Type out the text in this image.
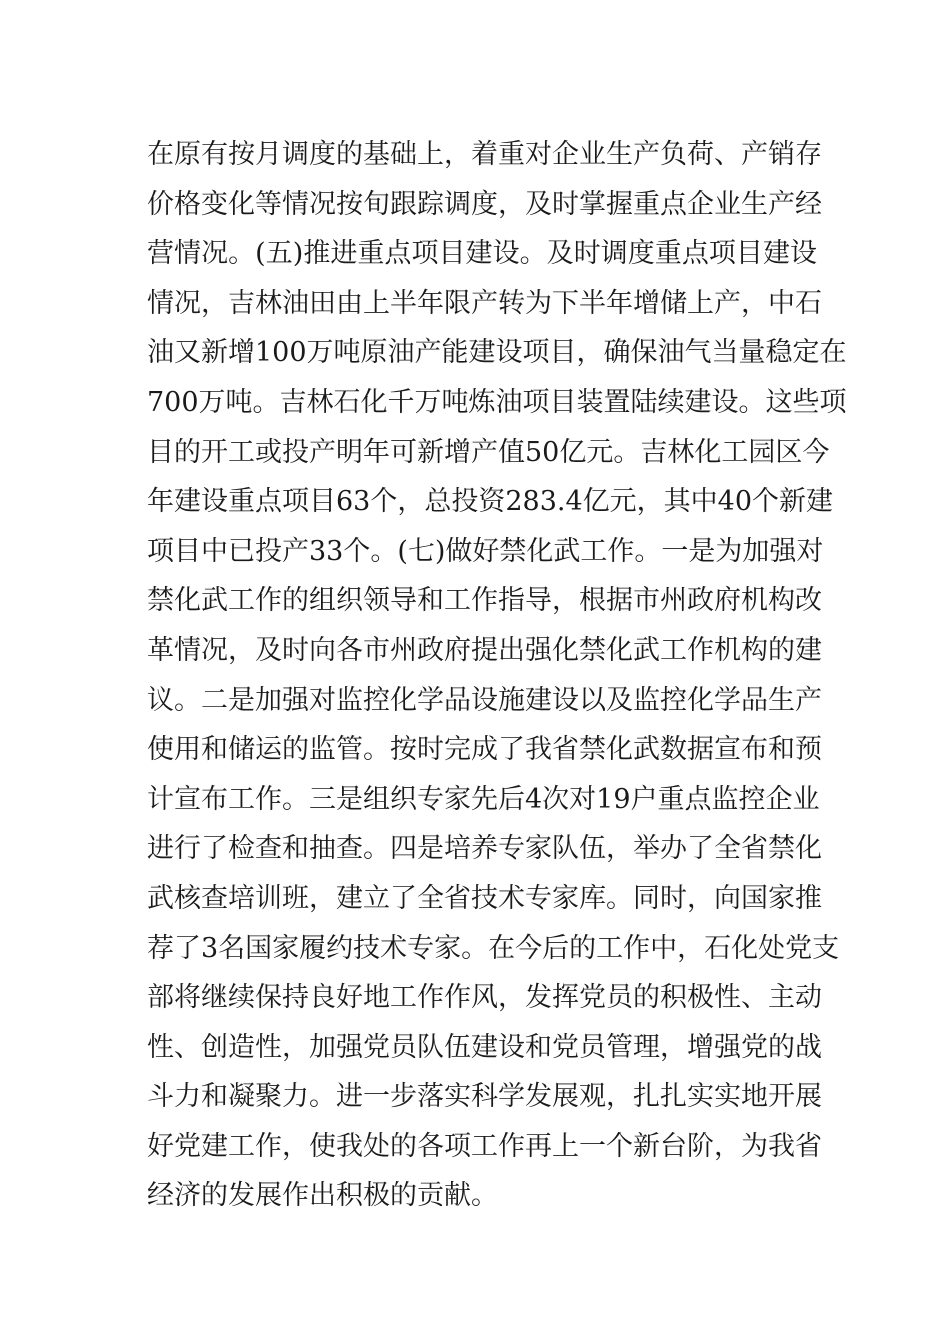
在原有按月调度的基础上，着重对企业生产负荷、产销存
价格变化等情况按旬跟踪调度，及时掌握重点企业生产经
营情况。(五)推进重点项目建设。及时调度重点项目建设
情况，吉林油田由上半年限产转为下半年增储上产，中石
油又新增100万吨原油产能建设项目，确保油气当量稳定在
700万吨。吉林石化千万吨炼油项目装置陆续建设。这些项
目的开工或投产明年可新增产值50亿元。吉林化工园区今
年建设重点项目63个，总投资283.4亿元，其中40个新建
项目中已投产33个。(七)做好禁化武工作。一是为加强对
禁化武工作的组织领导和工作指导，根据市州政府机构改
革情况，及时向各市州政府提出强化禁化武工作机构的建
议。二是加强对监控化学品设施建设以及监控化学品生产
使用和储运的监管。按时完成了我省禁化武数据宣布和预
计宣布工作。三是组织专家先后4次对19户重点监控企业
进行了检查和抽查。四是培养专家队伍，举办了全省禁化
武核查培训班，建立了全省技术专家库。同时，向国家推
荐了3名国家履约技术专家。在今后的工作中，石化处党支
部将继续保持良好地工作作风，发挥党员的积极性、主动
性、创造性，加强党员队伍建设和党员管理，增强党的战
斗力和凝聚力。进一步落实科学发展观，扎扎实实地开展
好党建工作，使我处的各项工作再上一个新台阶，为我省
经济的发展作出积极的贡献。
